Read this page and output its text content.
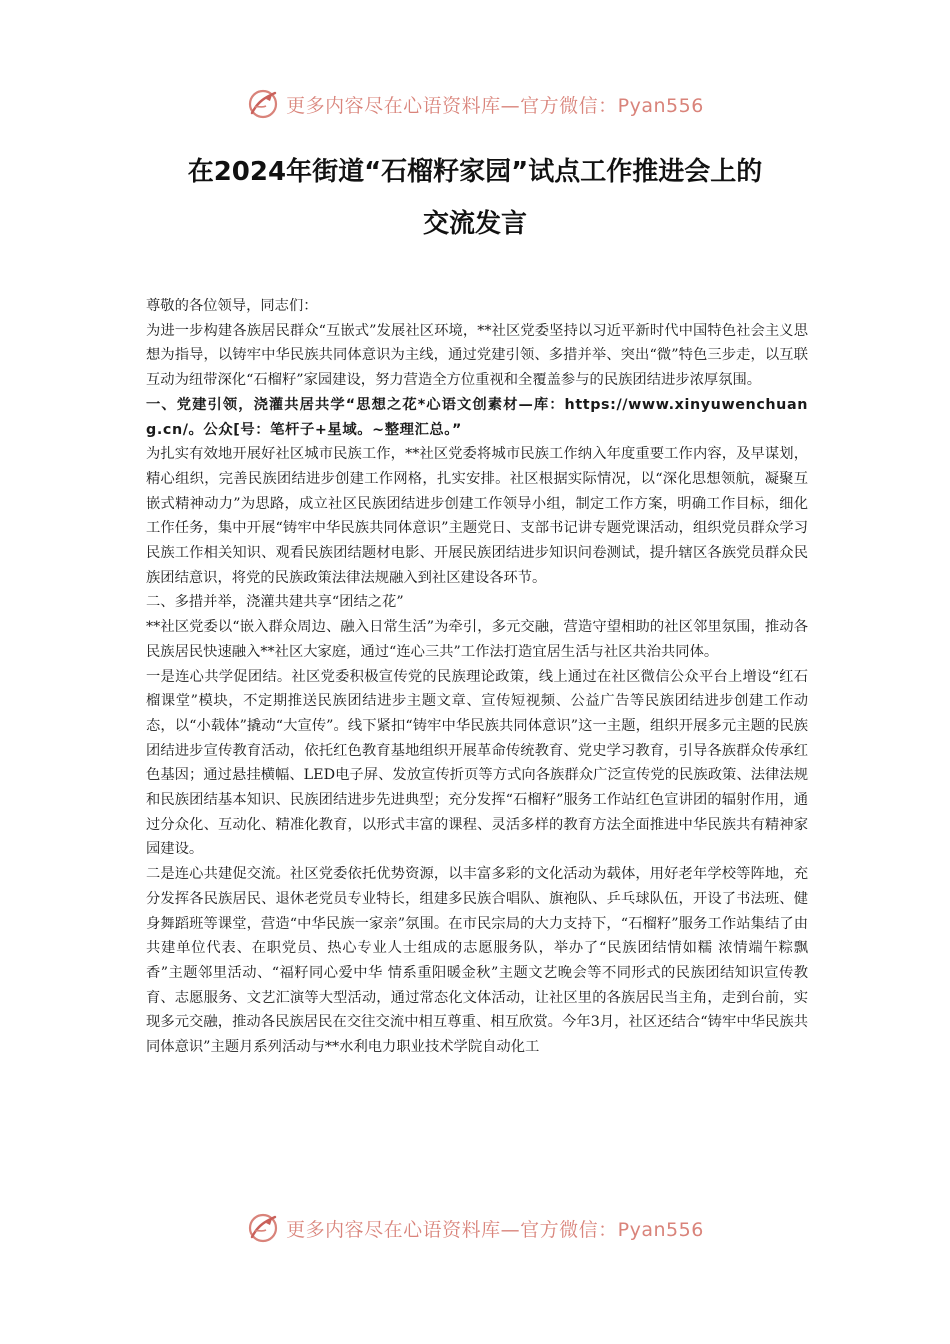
更多内容尽在心语资料库—官方微信：Pyan556
在2024年街道“石榴籽家园”试点工作推进会上的
交流发言

尊敬的各位领导，同志们：

为进一步构建各族居民群众“互嵌式”发展社区环境，**社区党委坚持以习近平新时代中国特色社会主义思想为指导，以铸牢中华民族共同体意识为主线，通过党建引领、多措并举、突出“微”特色三步走，以互联互动为纽带深化“石榴籽”家园建设，努力营造全方位重视和全覆盖参与的民族团结进步浓厚氛围。

一、党建引领，浇灌共居共学“思想之花*心语文创素材—库：https://www.xinyuwenchuang.cn/。公众[号：笔杆子+星域。~整理汇总。”

为扎实有效地开展好社区城市民族工作，**社区党委将城市民族工作纳入年度重要工作内容，及早谋划，精心组织，完善民族团结进步创建工作网格，扎实安排。社区根据实际情况，以“深化思想领航，凝聚互嵌式精神动力”为思路，成立社区民族团结进步创建工作领导小组，制定工作方案，明确工作目标，细化工作任务，集中开展“铸牢中华民族共同体意识”主题党日、支部书记讲专题党课活动，组织党员群众学习民族工作相关知识、观看民族团结题材电影、开展民族团结进步知识问卷测试，提升辖区各族党员群众民族团结意识，将党的民族政策法律法规融入到社区建设各环节。

二、多措并举，浇灌共建共享“团结之花”

**社区党委以“嵌入群众周边、融入日常生活”为牵引，多元交融，营造守望相助的社区邻里氛围，推动各民族居民快速融入**社区大家庭，通过“连心三共”工作法打造宜居生活与社区共治共同体。

一是连心共学促团结。社区党委积极宣传党的民族理论政策，线上通过在社区微信公众平台上增设“红石榴课堂”模块，不定期推送民族团结进步主题文章、宣传短视频、公益广告等民族团结进步创建工作动态，以“小载体”撬动“大宣传”。线下紧扣“铸牢中华民族共同体意识”这一主题，组织开展多元主题的民族团结进步宣传教育活动，依托红色教育基地组织开展革命传统教育、党史学习教育，引导各族群众传承红色基因；通过悬挂横幅、LED电子屏、发放宣传折页等方式向各族群众广泛宣传党的民族政策、法律法规和民族团结基本知识、民族团结进步先进典型；充分发挥“石榴籽”服务工作站红色宣讲团的辐射作用，通过分众化、互动化、精准化教育，以形式丰富的课程、灵活多样的教育方法全面推进中华民族共有精神家园建设。

二是连心共建促交流。社区党委依托优势资源，以丰富多彩的文化活动为载体，用好老年学校等阵地，充分发挥各民族居民、退休老党员专业特长，组建多民族合唱队、旗袍队、乒乓球队伍，开设了书法班、健身舞蹈班等课堂，营造“中华民族一家亲”氛围。在市民宗局的大力支持下，“石榴籽”服务工作站集结了由共建单位代表、在职党员、热心专业人士组成的志愿服务队，举办了“民族团结情如糯 浓情端午粽飘香”主题邻里活动、“福籽同心爱中华 情系重阳暖金秋”主题文艺晚会等不同形式的民族团结知识宣传教育、志愿服务、文艺汇演等大型活动，通过常态化文体活动，让社区里的各族居民当主角，走到台前，实现多元交融，推动各民族居民在交往交流中相互尊重、相互欣赏。今年3月，社区还结合“铸牢中华民族共同体意识”主题月系列活动与**水利电力职业技术学院自动化工

更多内容尽在心语资料库—官方微信：Pyan556
